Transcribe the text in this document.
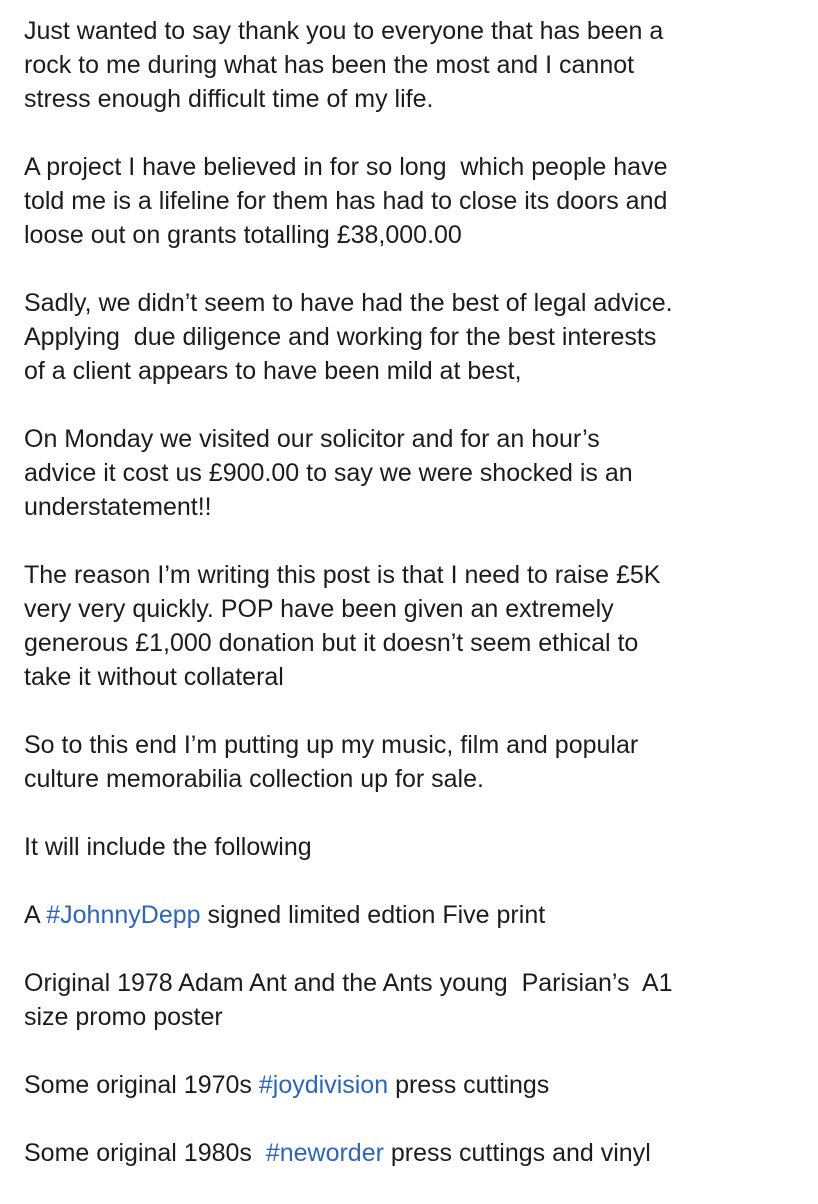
Just wanted to say thank you to everyone that has been a
rock to me during what has been the most and I cannot
stress enough difficult time of my life.

A project I have believed in for so long  which people have
told me is a lifeline for them has had to close its doors and
loose out on grants totalling £38,000.00

Sadly, we didn’t seem to have had the best of legal advice.
Applying  due diligence and working for the best interests
of a client appears to have been mild at best,

On Monday we visited our solicitor and for an hour’s
advice it cost us £900.00 to say we were shocked is an
understatement!!

The reason I’m writing this post is that I need to raise £5K
very very quickly. POP have been given an extremely
generous £1,000 donation but it doesn’t seem ethical to
take it without collateral

So to this end I’m putting up my music, film and popular
culture memorabilia collection up for sale.

It will include the following

A #JohnnyDepp signed limited edtion Five print

Original 1978 Adam Ant and the Ants young  Parisian’s  A1
size promo poster

Some original 1970s #joydivision press cuttings

Some original 1980s  #neworder press cuttings and vinyl
